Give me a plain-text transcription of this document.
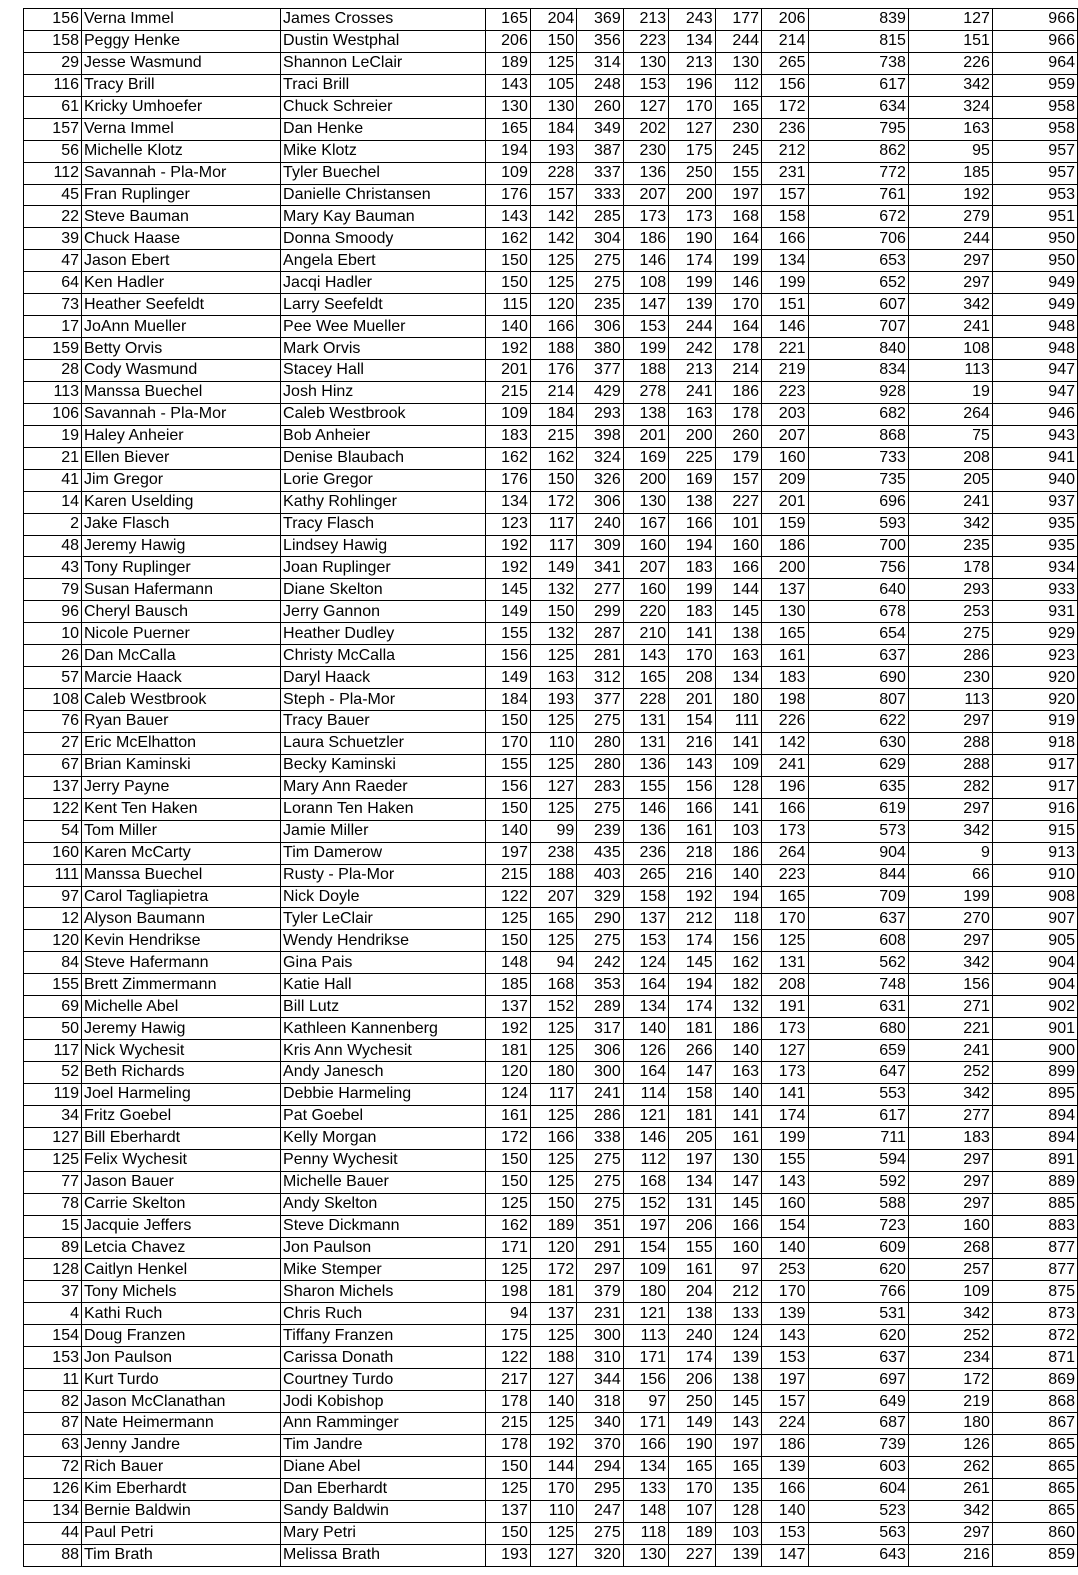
156	Verna Immel	James Crosses	165	204	369	213	243	177	206	839	127	966
158	Peggy Henke	Dustin Westphal	206	150	356	223	134	244	214	815	151	966
29	Jesse Wasmund	Shannon LeClair	189	125	314	130	213	130	265	738	226	964
116	Tracy Brill	Traci Brill	143	105	248	153	196	112	156	617	342	959
61	Kricky Umhoefer	Chuck Schreier	130	130	260	127	170	165	172	634	324	958
157	Verna Immel	Dan Henke	165	184	349	202	127	230	236	795	163	958
56	Michelle Klotz	Mike Klotz	194	193	387	230	175	245	212	862	95	957
112	Savannah - Pla-Mor	Tyler Buechel	109	228	337	136	250	155	231	772	185	957
45	Fran Ruplinger	Danielle Christansen	176	157	333	207	200	197	157	761	192	953
22	Steve Bauman	Mary Kay Bauman	143	142	285	173	173	168	158	672	279	951
39	Chuck Haase	Donna Smoody	162	142	304	186	190	164	166	706	244	950
47	Jason Ebert	Angela Ebert	150	125	275	146	174	199	134	653	297	950
64	Ken Hadler	Jacqi Hadler	150	125	275	108	199	146	199	652	297	949
73	Heather Seefeldt	Larry Seefeldt	115	120	235	147	139	170	151	607	342	949
17	JoAnn Mueller	Pee Wee Mueller	140	166	306	153	244	164	146	707	241	948
159	Betty Orvis	Mark Orvis	192	188	380	199	242	178	221	840	108	948
28	Cody Wasmund	Stacey Hall	201	176	377	188	213	214	219	834	113	947
113	Manssa Buechel	Josh Hinz	215	214	429	278	241	186	223	928	19	947
106	Savannah - Pla-Mor	Caleb Westbrook	109	184	293	138	163	178	203	682	264	946
19	Haley Anheier	Bob Anheier	183	215	398	201	200	260	207	868	75	943
21	Ellen Biever	Denise Blaubach	162	162	324	169	225	179	160	733	208	941
41	Jim Gregor	Lorie Gregor	176	150	326	200	169	157	209	735	205	940
14	Karen Uselding	Kathy Rohlinger	134	172	306	130	138	227	201	696	241	937
2	Jake Flasch	Tracy Flasch	123	117	240	167	166	101	159	593	342	935
48	Jeremy Hawig	Lindsey Hawig	192	117	309	160	194	160	186	700	235	935
43	Tony Ruplinger	Joan Ruplinger	192	149	341	207	183	166	200	756	178	934
79	Susan Hafermann	Diane Skelton	145	132	277	160	199	144	137	640	293	933
96	Cheryl Bausch	Jerry Gannon	149	150	299	220	183	145	130	678	253	931
10	Nicole Puerner	Heather Dudley	155	132	287	210	141	138	165	654	275	929
26	Dan McCalla	Christy McCalla	156	125	281	143	170	163	161	637	286	923
57	Marcie Haack	Daryl Haack	149	163	312	165	208	134	183	690	230	920
108	Caleb Westbrook	Steph - Pla-Mor	184	193	377	228	201	180	198	807	113	920
76	Ryan Bauer	Tracy Bauer	150	125	275	131	154	111	226	622	297	919
27	Eric McElhatton	Laura Schuetzler	170	110	280	131	216	141	142	630	288	918
67	Brian Kaminski	Becky Kaminski	155	125	280	136	143	109	241	629	288	917
137	Jerry Payne	Mary Ann Raeder	156	127	283	155	156	128	196	635	282	917
122	Kent Ten Haken	Lorann Ten Haken	150	125	275	146	166	141	166	619	297	916
54	Tom Miller	Jamie Miller	140	99	239	136	161	103	173	573	342	915
160	Karen McCarty	Tim Damerow	197	238	435	236	218	186	264	904	9	913
111	Manssa Buechel	Rusty - Pla-Mor	215	188	403	265	216	140	223	844	66	910
97	Carol Tagliapietra	Nick Doyle	122	207	329	158	192	194	165	709	199	908
12	Alyson Baumann	Tyler LeClair	125	165	290	137	212	118	170	637	270	907
120	Kevin Hendrikse	Wendy Hendrikse	150	125	275	153	174	156	125	608	297	905
84	Steve Hafermann	Gina Pais	148	94	242	124	145	162	131	562	342	904
155	Brett Zimmermann	Katie Hall	185	168	353	164	194	182	208	748	156	904
69	Michelle Abel	Bill Lutz	137	152	289	134	174	132	191	631	271	902
50	Jeremy Hawig	Kathleen Kannenberg	192	125	317	140	181	186	173	680	221	901
117	Nick Wychesit	Kris Ann Wychesit	181	125	306	126	266	140	127	659	241	900
52	Beth Richards	Andy Janesch	120	180	300	164	147	163	173	647	252	899
119	Joel Harmeling	Debbie Harmeling	124	117	241	114	158	140	141	553	342	895
34	Fritz Goebel	Pat Goebel	161	125	286	121	181	141	174	617	277	894
127	Bill Eberhardt	Kelly Morgan	172	166	338	146	205	161	199	711	183	894
125	Felix Wychesit	Penny Wychesit	150	125	275	112	197	130	155	594	297	891
77	Jason Bauer	Michelle Bauer	150	125	275	168	134	147	143	592	297	889
78	Carrie Skelton	Andy Skelton	125	150	275	152	131	145	160	588	297	885
15	Jacquie Jeffers	Steve Dickmann	162	189	351	197	206	166	154	723	160	883
89	Letcia Chavez	Jon Paulson	171	120	291	154	155	160	140	609	268	877
128	Caitlyn Henkel	Mike Stemper	125	172	297	109	161	97	253	620	257	877
37	Tony Michels	Sharon Michels	198	181	379	180	204	212	170	766	109	875
4	Kathi Ruch	Chris Ruch	94	137	231	121	138	133	139	531	342	873
154	Doug Franzen	Tiffany Franzen	175	125	300	113	240	124	143	620	252	872
153	Jon Paulson	Carissa Donath	122	188	310	171	174	139	153	637	234	871
11	Kurt Turdo	Courtney Turdo	217	127	344	156	206	138	197	697	172	869
82	Jason McClanathan	Jodi Kobishop	178	140	318	97	250	145	157	649	219	868
87	Nate Heimermann	Ann Ramminger	215	125	340	171	149	143	224	687	180	867
63	Jenny Jandre	Tim Jandre	178	192	370	166	190	197	186	739	126	865
72	Rich Bauer	Diane Abel	150	144	294	134	165	165	139	603	262	865
126	Kim Eberhardt	Dan Eberhardt	125	170	295	133	170	135	166	604	261	865
134	Bernie Baldwin	Sandy Baldwin	137	110	247	148	107	128	140	523	342	865
44	Paul Petri	Mary Petri	150	125	275	118	189	103	153	563	297	860
88	Tim Brath	Melissa Brath	193	127	320	130	227	139	147	643	216	859
